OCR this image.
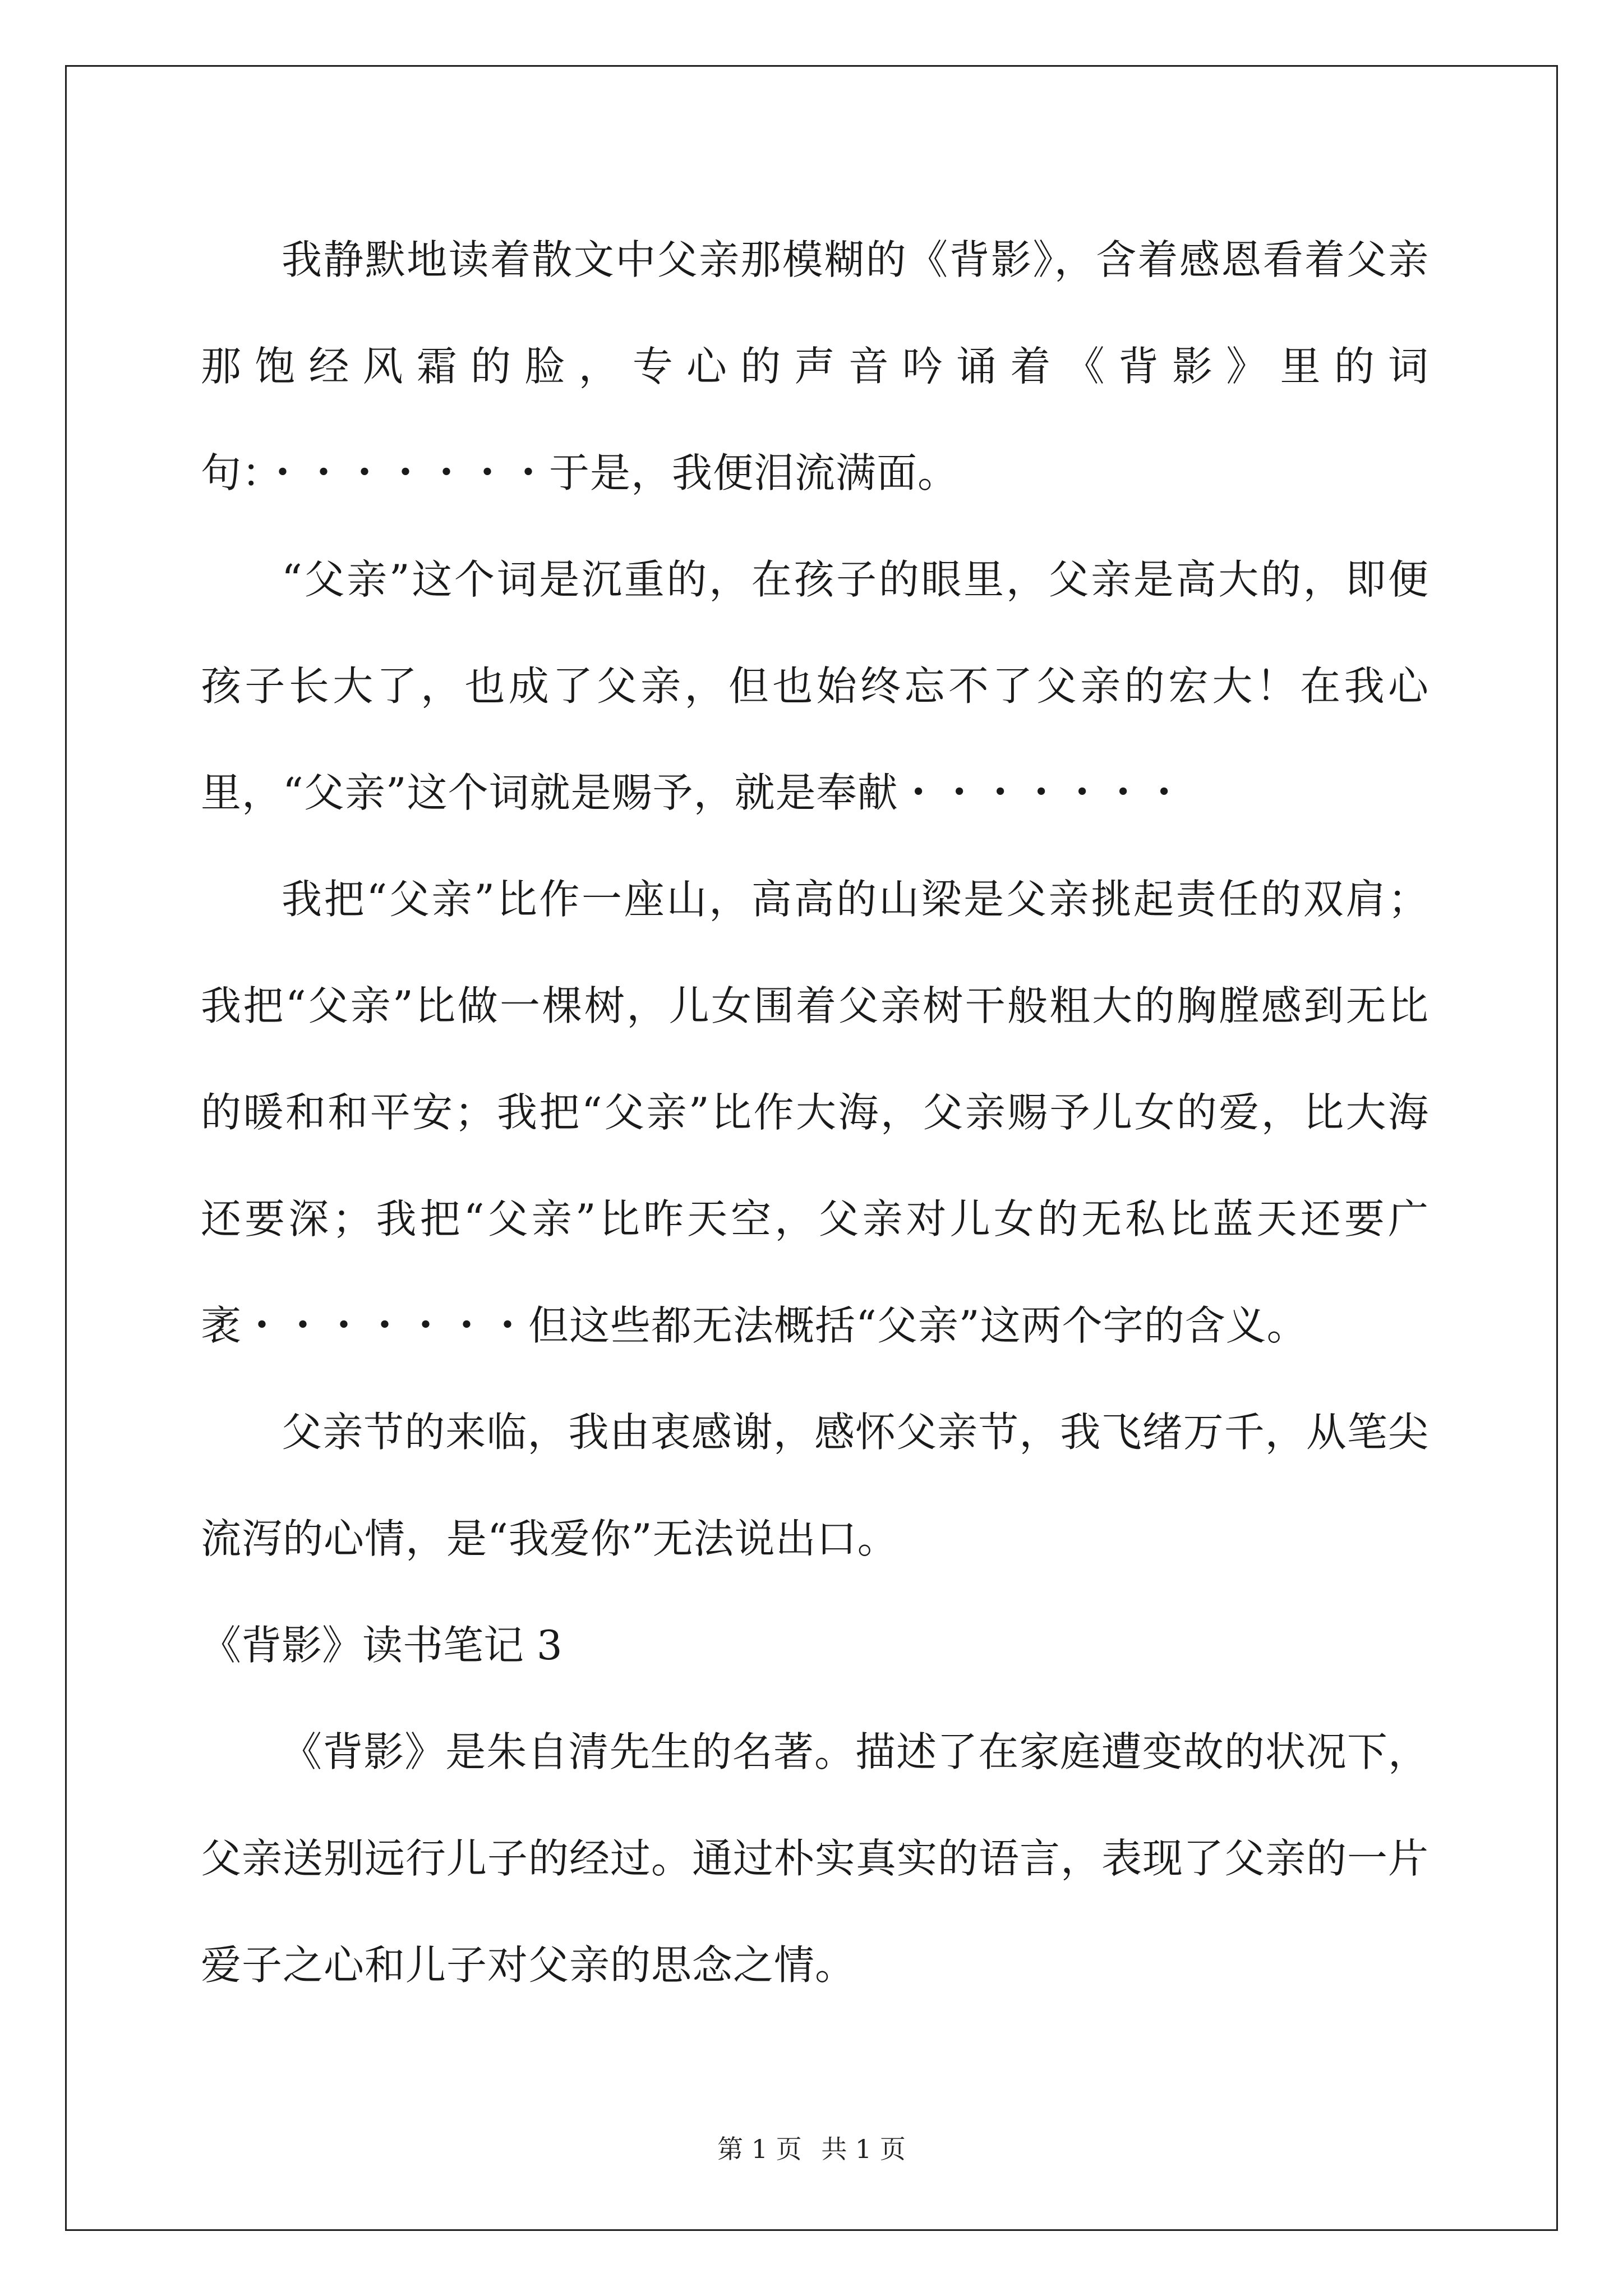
我静默地读着散文中父亲那模糊的《背影》，含着感恩看着父亲那饱经风霜的脸，专心的声音吟诵着《背影》里的词句：・・・・・・・于是，我便泪流满面。

“父亲”这个词是沉重的，在孩子的眼里，父亲是高大的，即便孩子长大了，也成了父亲，但也始终忘不了父亲的宏大！在我心里，“父亲”这个词就是赐予，就是奉献・・・・・・・

我把“父亲”比作一座山，高高的山梁是父亲挑起责任的双肩；我把“父亲”比做一棵树，儿女围着父亲树干般粗大的胸膛感到无比的暖和和平安；我把“父亲”比作大海，父亲赐予儿女的爱，比大海还要深；我把“父亲”比昨天空，父亲对儿女的无私比蓝天还要广袤・・・・・・・但这些都无法概括“父亲”这两个字的含义。

父亲节的来临，我由衷感谢，感怀父亲节，我飞绪万千，从笔尖流泻的心情，是“我爱你”无法说出口。

《背影》读书笔记 3

《背影》是朱自清先生的名著。描述了在家庭遭变故的状况下，父亲送别远行儿子的经过。通过朴实真实的语言，表现了父亲的一片爱子之心和儿子对父亲的思念之情。

第 1 页 共 1 页
